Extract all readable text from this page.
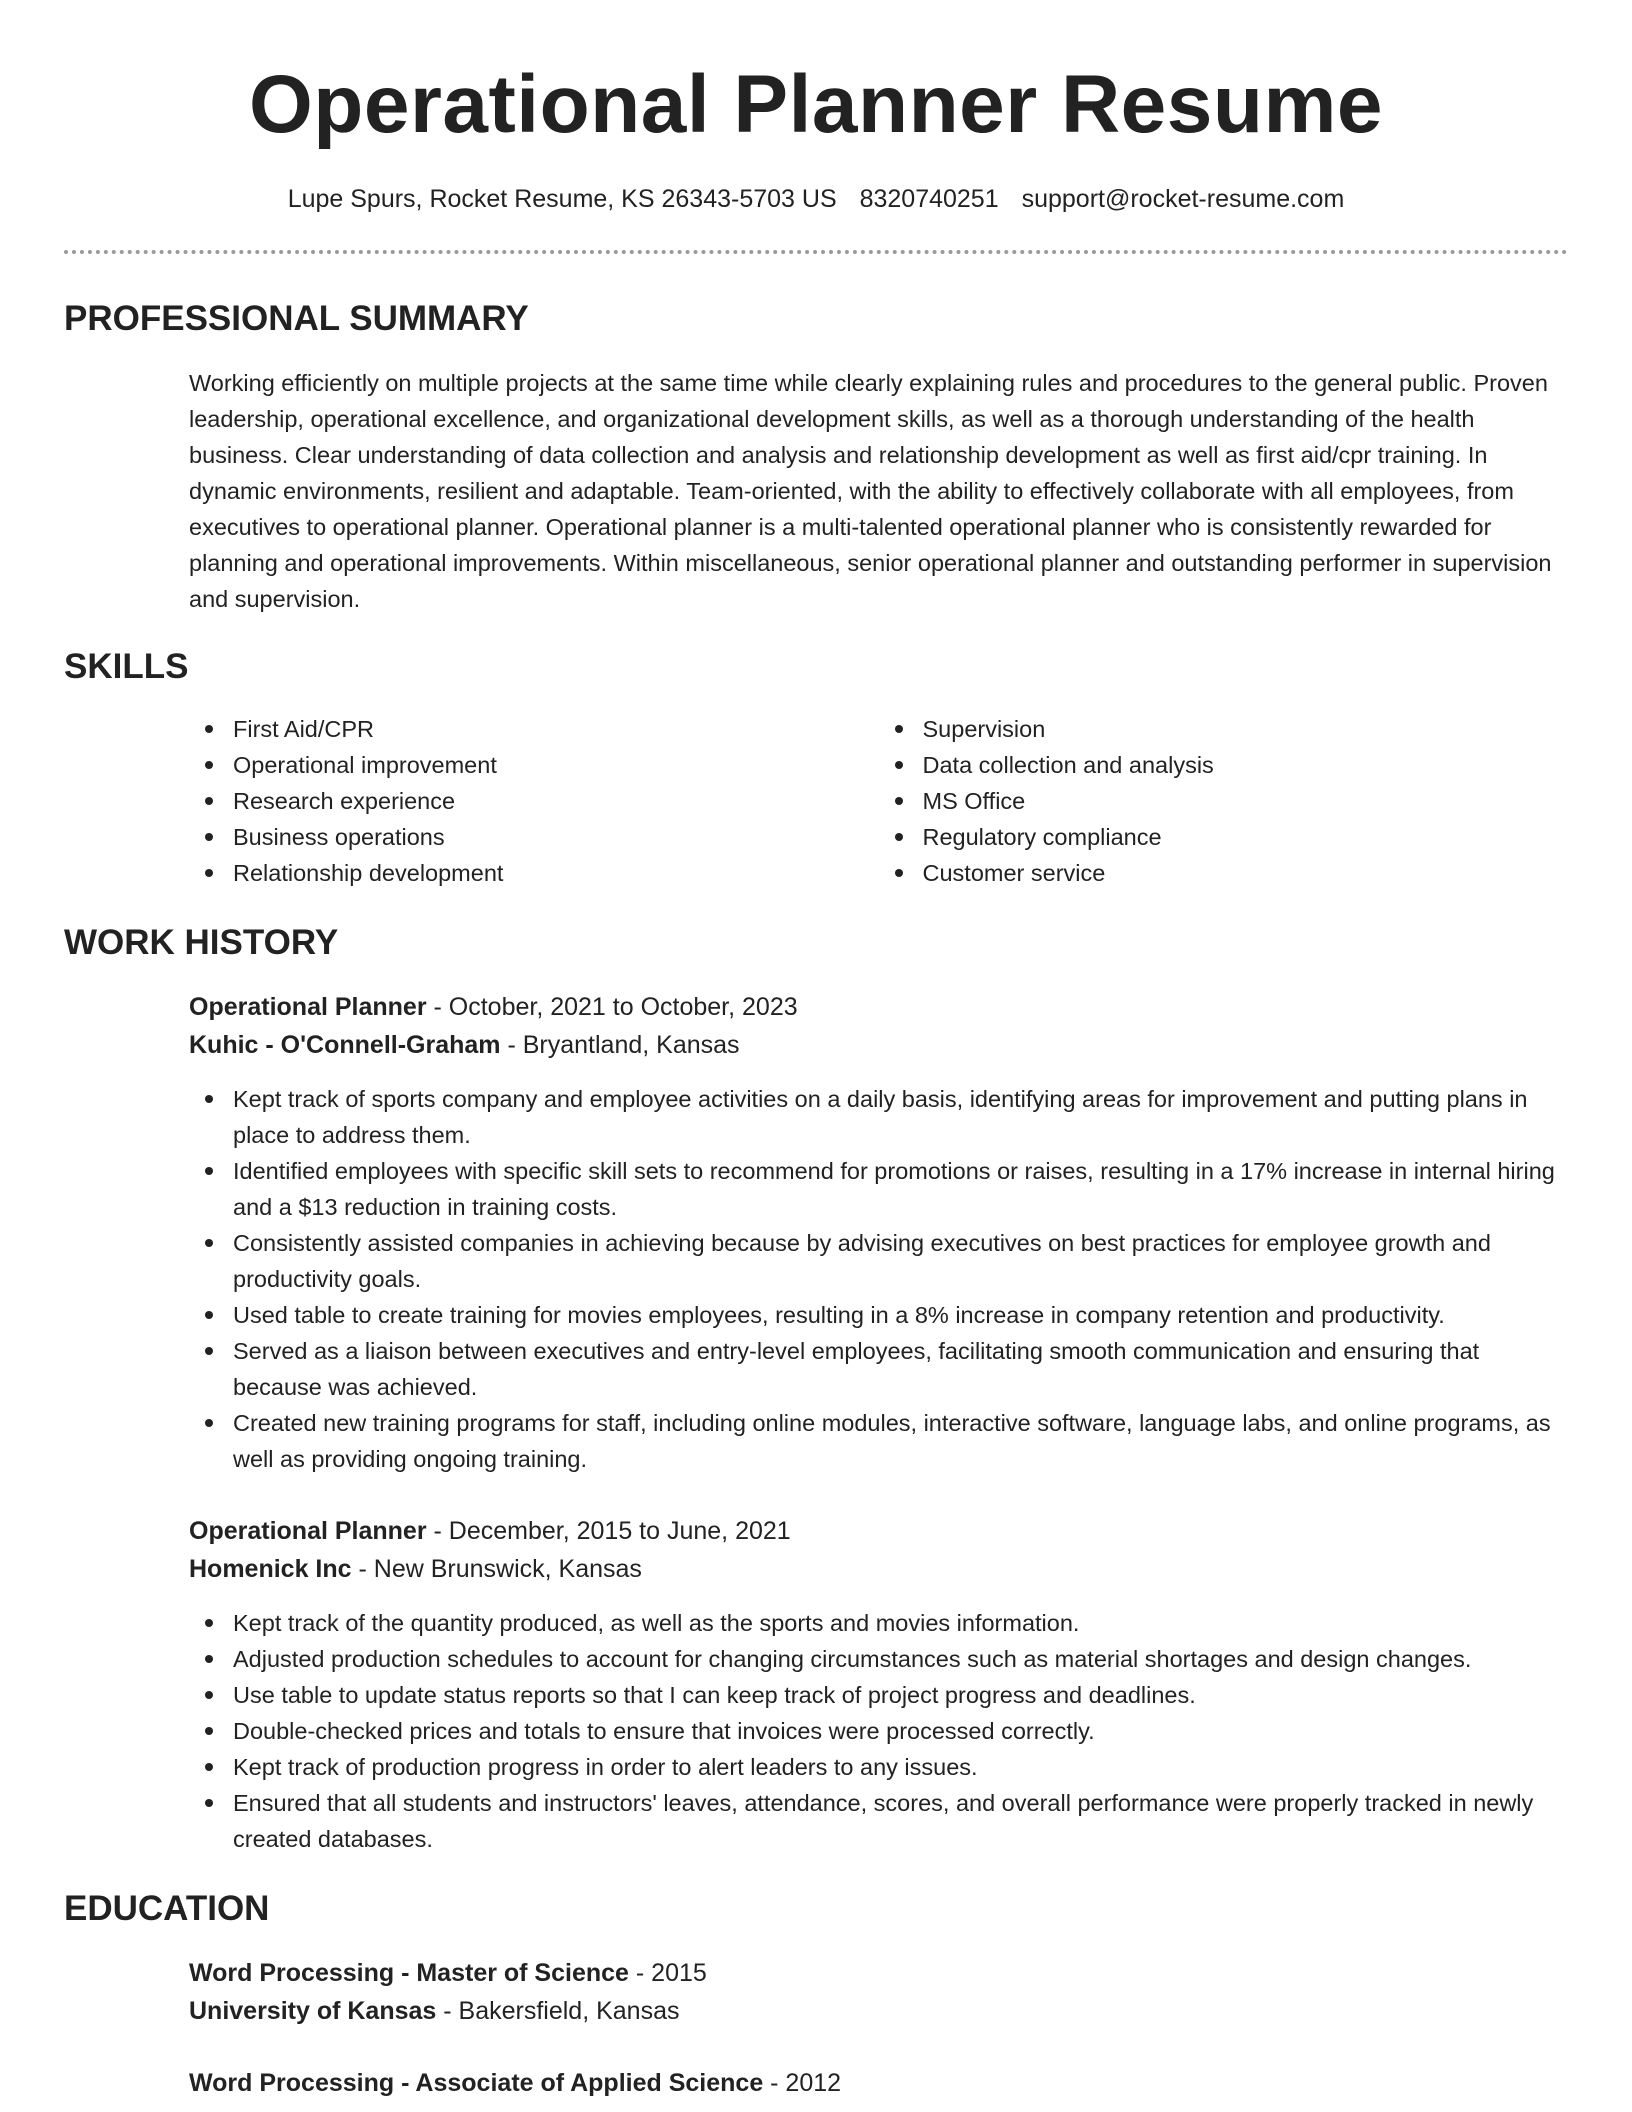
Operational Planner Resume
Lupe Spurs, Rocket Resume, KS 26343-5703 US 8320740251 support@rocket-resume.com
PROFESSIONAL SUMMARY

Working efficiently on multiple projects at the same time while clearly explaining rules and procedures to the general public. Proven leadership, operational excellence, and organizational development skills, as well as a thorough understanding of the health business. Clear understanding of data collection and analysis and relationship development as well as first aid/cpr training. In dynamic environments, resilient and adaptable. Team-oriented, with the ability to effectively collaborate with all employees, from executives to operational planner. Operational planner is a multi-talented operational planner who is consistently rewarded for planning and operational improvements. Within miscellaneous, senior operational planner and outstanding performer in supervision and supervision.

SKILLS
First Aid/CPR	Supervision
Operational improvement	Data collection and analysis
Research experience	MS Office
Business operations	Regulatory compliance
Relationship development	Customer service
WORK HISTORY

Operational Planner - October, 2021 to October, 2023

Kuhic - O'Connell-Graham - Bryantland, Kansas

Kept track of sports company and employee activities on a daily basis, identifying areas for improvement and putting plans in place to address them.
Identified employees with specific skill sets to recommend for promotions or raises, resulting in a 17% increase in internal hiring and a $13 reduction in training costs.
Consistently assisted companies in achieving because by advising executives on best practices for employee growth and productivity goals.
Used table to create training for movies employees, resulting in a 8% increase in company retention and productivity.
Served as a liaison between executives and entry-level employees, facilitating smooth communication and ensuring that because was achieved.
Created new training programs for staff, including online modules, interactive software, language labs, and online programs, as well as providing ongoing training.

Operational Planner - December, 2015 to June, 2021

Homenick Inc - New Brunswick, Kansas

Kept track of the quantity produced, as well as the sports and movies information.
Adjusted production schedules to account for changing circumstances such as material shortages and design changes.
Use table to update status reports so that I can keep track of project progress and deadlines.
Double-checked prices and totals to ensure that invoices were processed correctly.
Kept track of production progress in order to alert leaders to any issues.
Ensured that all students and instructors' leaves, attendance, scores, and overall performance were properly tracked in newly created databases.
EDUCATION

Word Processing - Master of Science - 2015

University of Kansas - Bakersfield, Kansas

Word Processing - Associate of Applied Science - 2012
